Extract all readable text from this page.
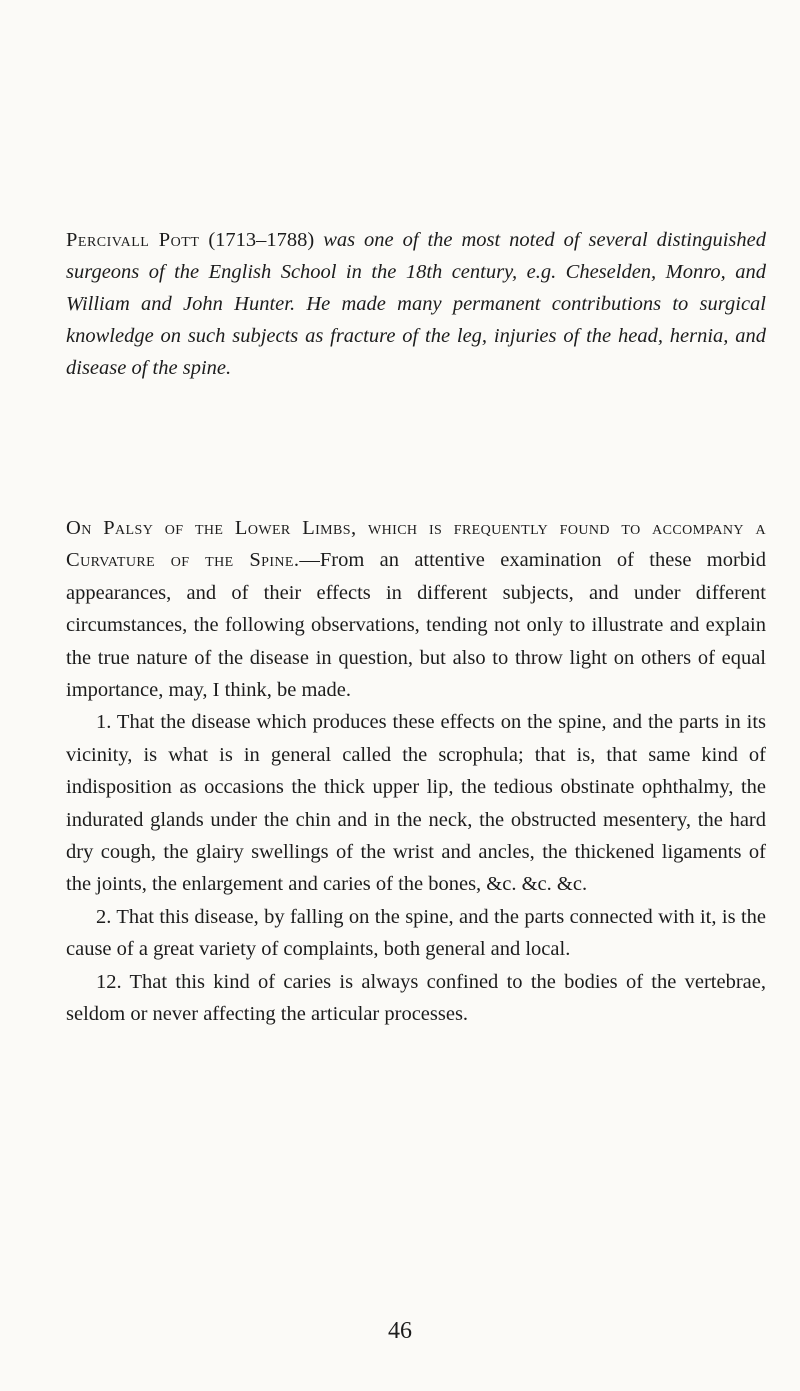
Percivall Pott (1713–1788) was one of the most noted of several distinguished surgeons of the English School in the 18th century, e.g. Cheselden, Monro, and William and John Hunter. He made many permanent contributions to surgical knowledge on such subjects as fracture of the leg, injuries of the head, hernia, and disease of the spine.

On Palsy of the Lower Limbs, which is frequently found to accompany a Curvature of the Spine.—From an attentive examination of these morbid appearances, and of their effects in different subjects, and under different circumstances, the following observations, tending not only to illustrate and explain the true nature of the disease in question, but also to throw light on others of equal importance, may, I think, be made.

1. That the disease which produces these effects on the spine, and the parts in its vicinity, is what is in general called the scrophula; that is, that same kind of indisposition as occasions the thick upper lip, the tedious obstinate ophthalmy, the indurated glands under the chin and in the neck, the obstructed mesentery, the hard dry cough, the glairy swellings of the wrist and ancles, the thickened ligaments of the joints, the enlargement and caries of the bones, &c. &c. &c.

2. That this disease, by falling on the spine, and the parts connected with it, is the cause of a great variety of complaints, both general and local.

12. That this kind of caries is always confined to the bodies of the vertebrae, seldom or never affecting the articular processes.

46
